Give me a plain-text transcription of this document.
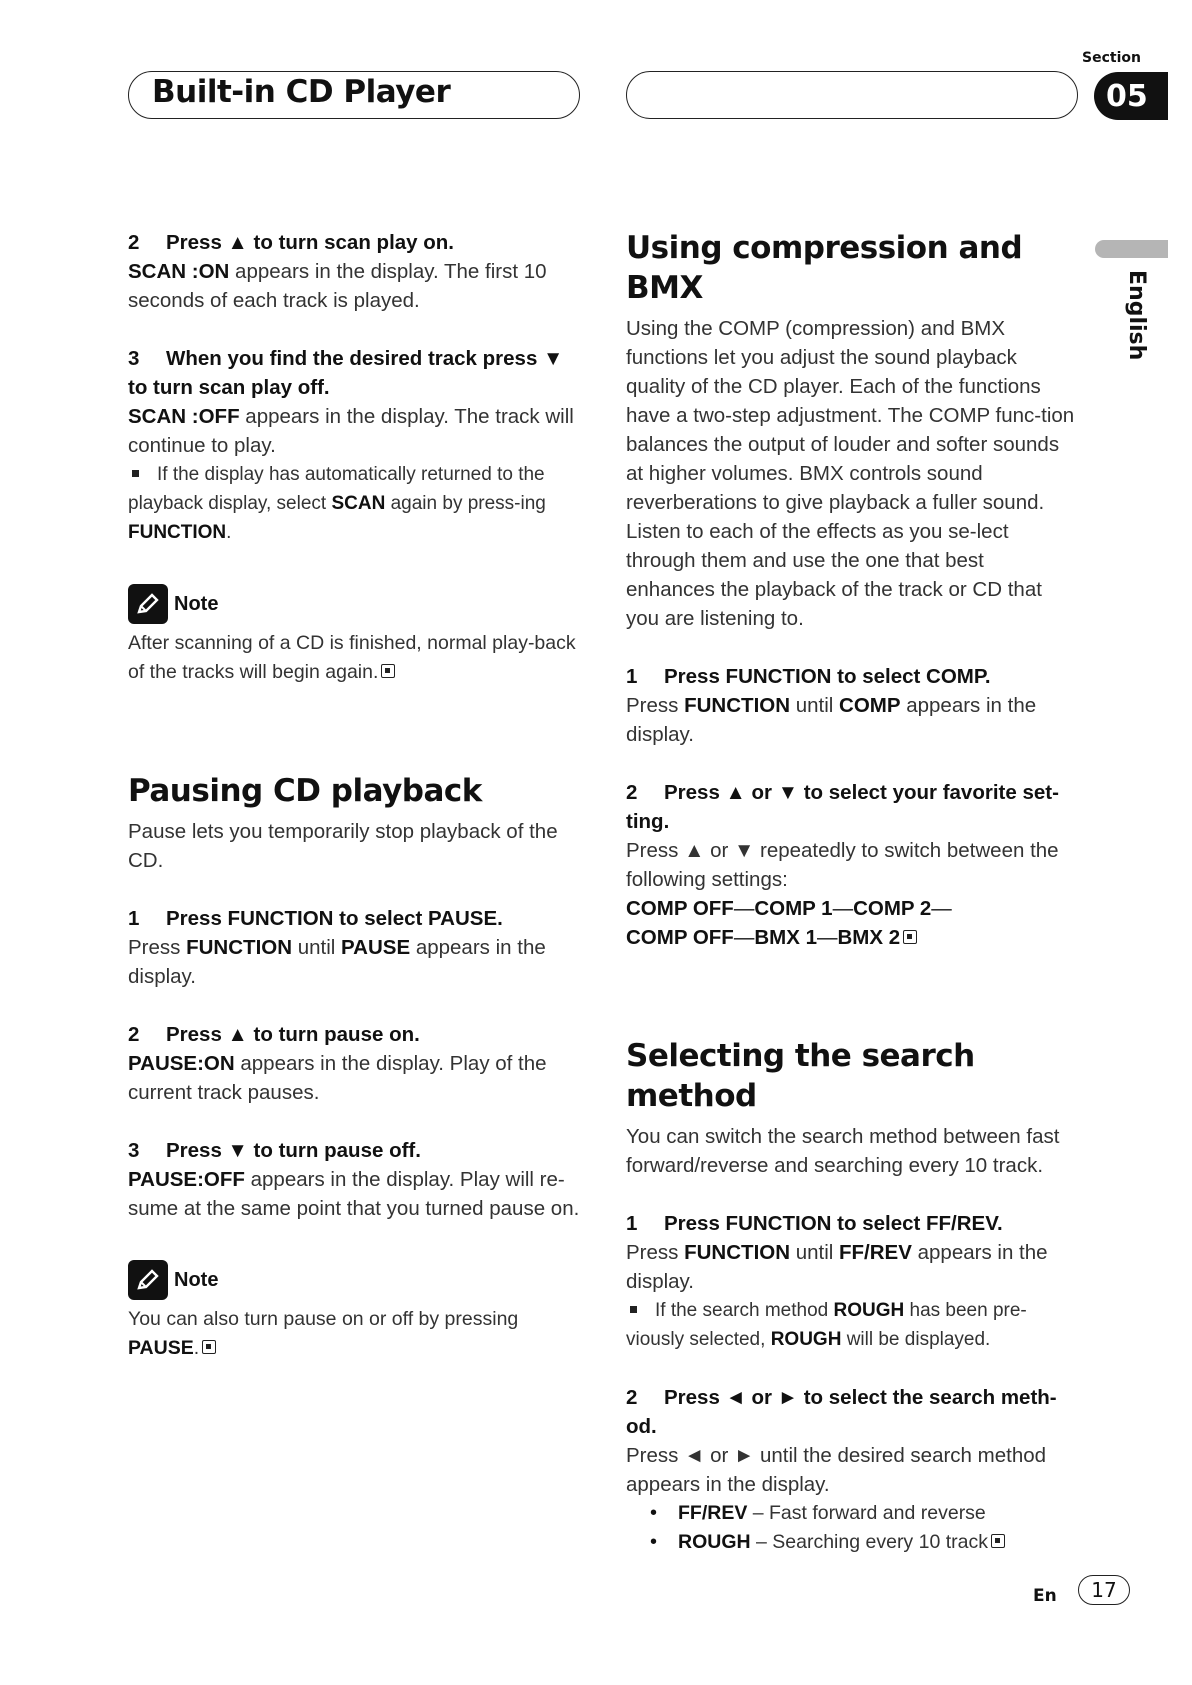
Built-in CD Player
Section
05
English

2 Press ▲ to turn scan play on.

SCAN :ON appears in the display. The first 10 seconds of each track is played.

3 When you find the desired track press ▼ to turn scan play off.

SCAN :OFF appears in the display. The track will continue to play.

If the display has automatically returned to the playback display, select SCAN again by press-ing FUNCTION.

Note

After scanning of a CD is finished, normal play-back of the tracks will begin again.

Pausing CD playback

Pause lets you temporarily stop playback of the CD.

1 Press FUNCTION to select PAUSE.

Press FUNCTION until PAUSE appears in the display.

2 Press ▲ to turn pause on.

PAUSE:ON appears in the display. Play of the current track pauses.

3 Press ▼ to turn pause off.

PAUSE:OFF appears in the display. Play will re-sume at the same point that you turned pause on.

Note

You can also turn pause on or off by pressing PAUSE.

Using compression and BMX

Using the COMP (compression) and BMX functions let you adjust the sound playback quality of the CD player. Each of the functions have a two-step adjustment. The COMP func-tion balances the output of louder and softer sounds at higher volumes. BMX controls sound reverberations to give playback a fuller sound. Listen to each of the effects as you se-lect through them and use the one that best enhances the playback of the track or CD that you are listening to.

1 Press FUNCTION to select COMP.

Press FUNCTION until COMP appears in the display.

2 Press ▲ or ▼ to select your favorite set-ting.

Press ▲ or ▼ repeatedly to switch between the following settings:

COMP OFF—COMP 1—COMP 2—

COMP OFF—BMX 1—BMX 2

Selecting the search method

You can switch the search method between fast forward/reverse and searching every 10 track.

1 Press FUNCTION to select FF/REV.

Press FUNCTION until FF/REV appears in the display.

If the search method ROUGH has been pre-viously selected, ROUGH will be displayed.

2 Press ◄ or ► to select the search meth-od.

Press ◄ or ► until the desired search method appears in the display.

• FF/REV – Fast forward and reverse
• ROUGH – Searching every 10 track
En	17
